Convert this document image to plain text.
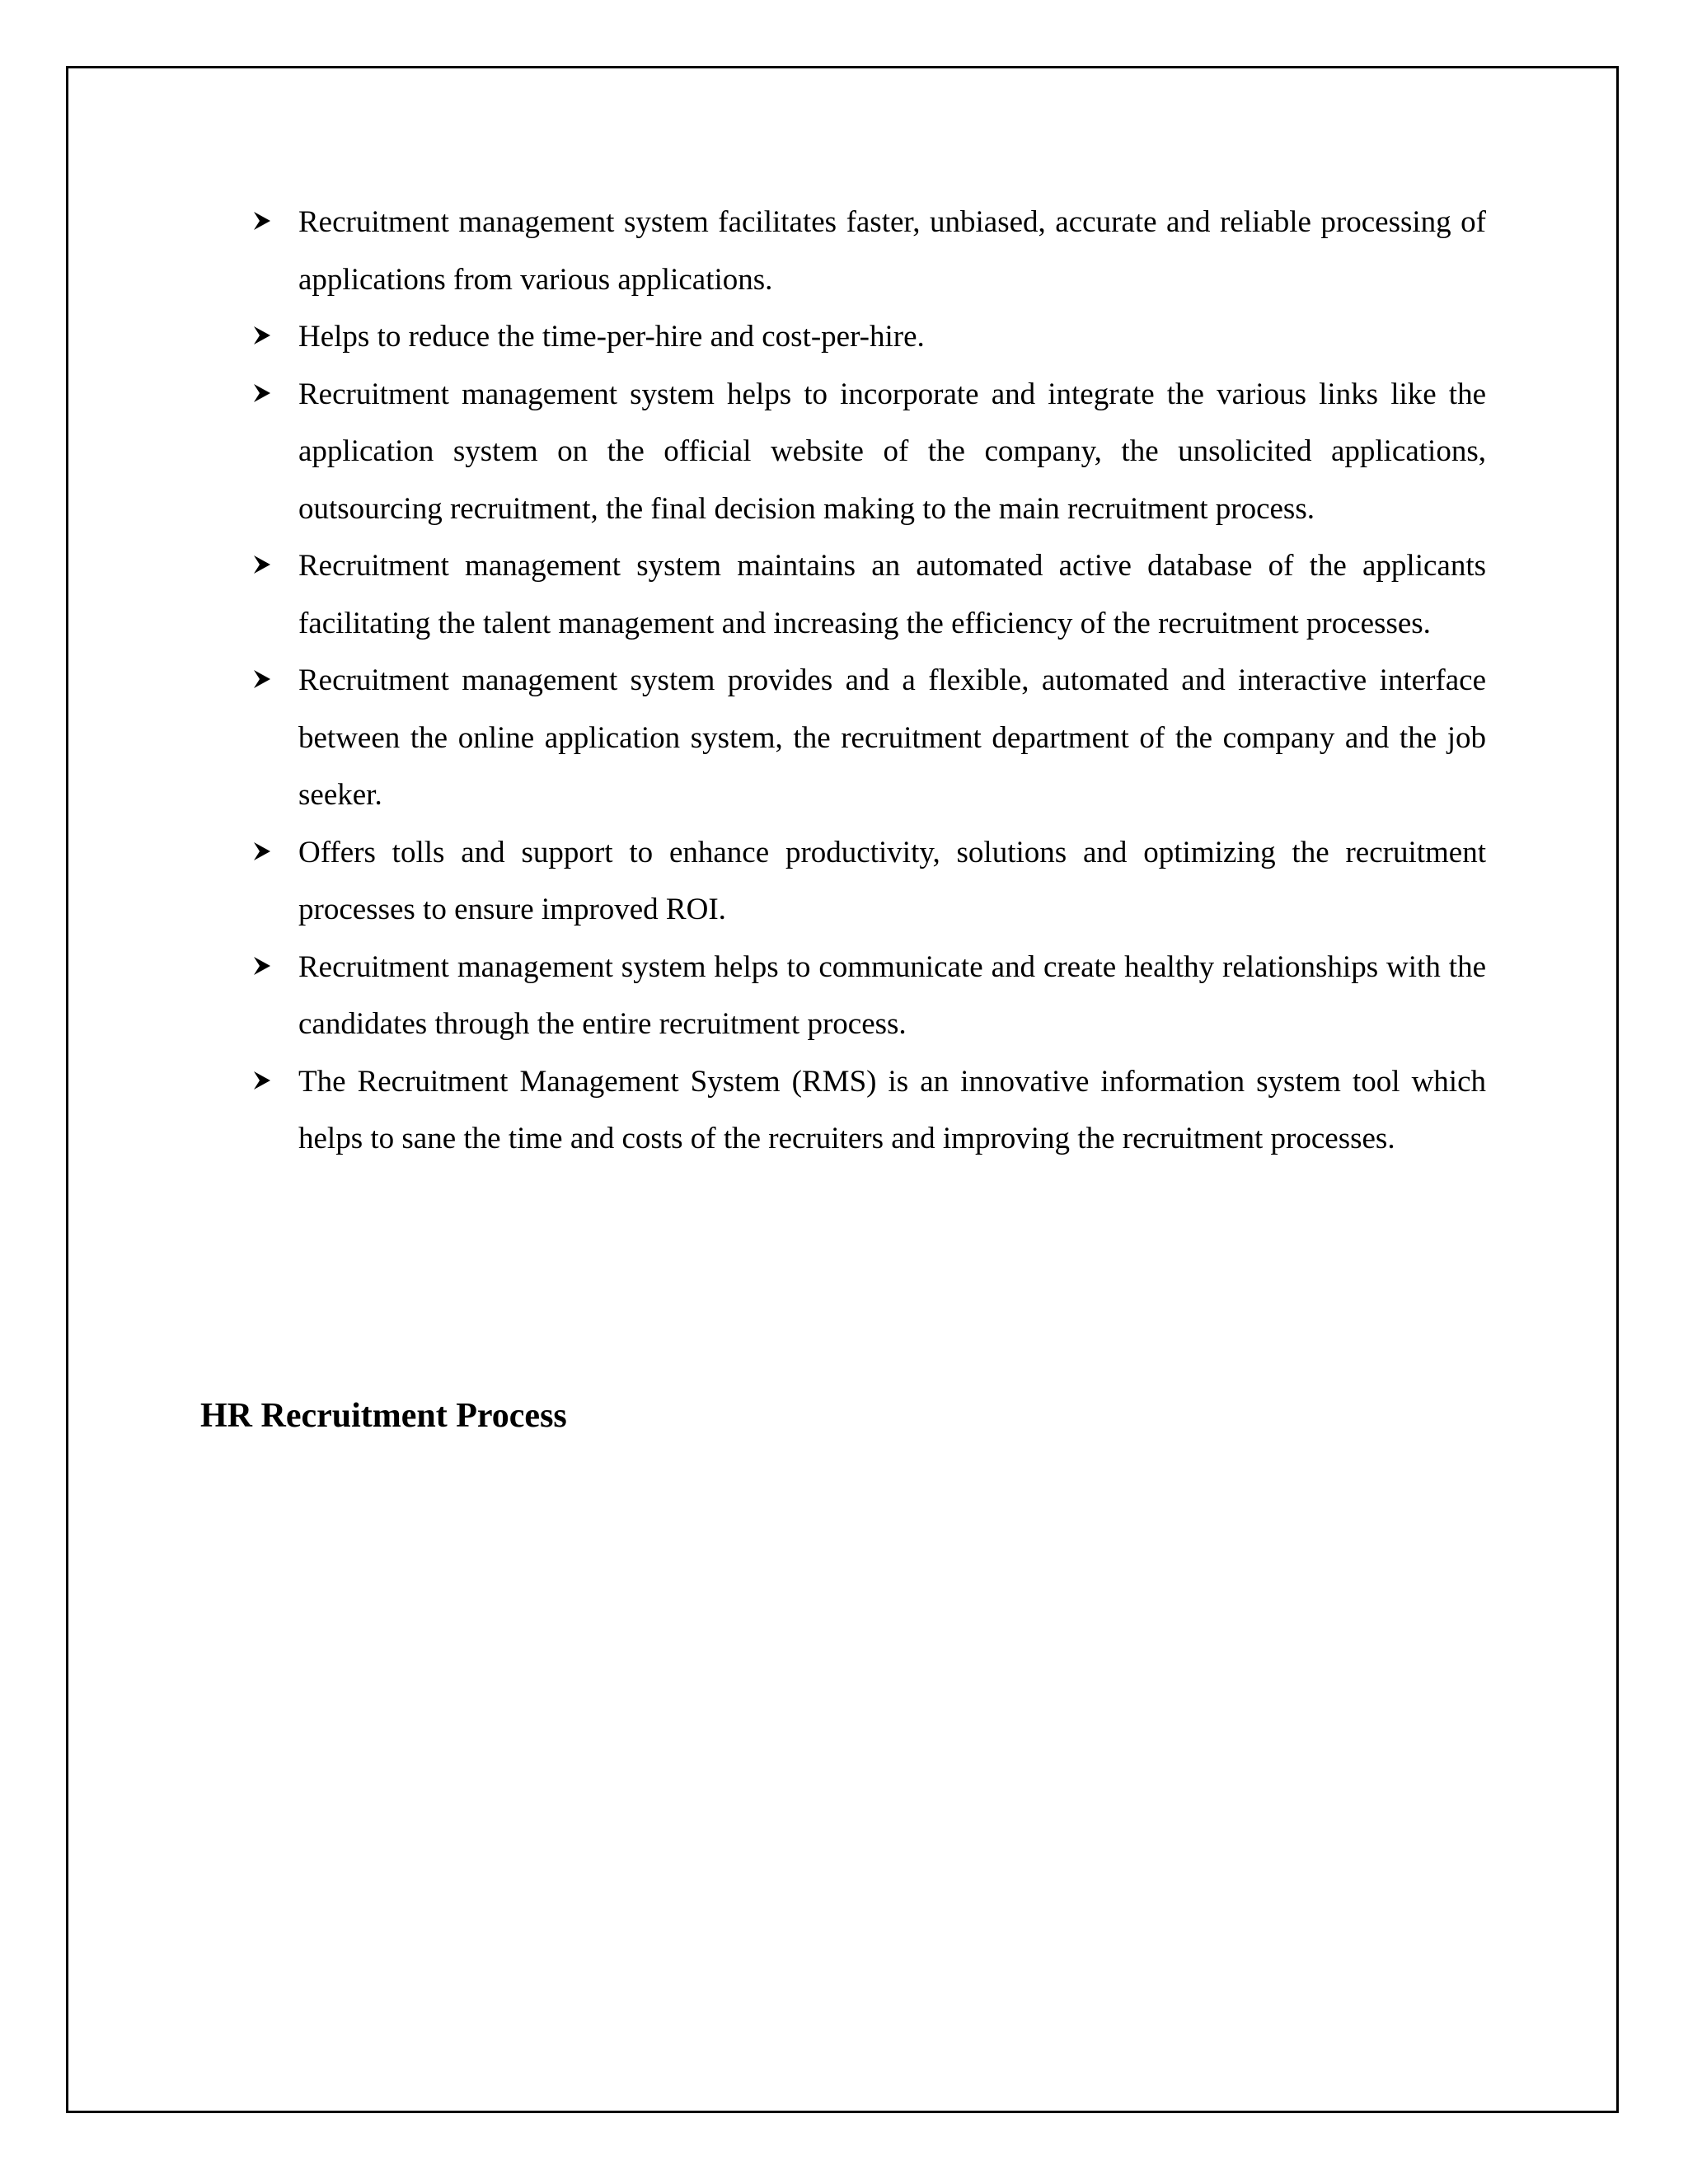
Recruitment management system facilitates faster, unbiased, accurate and reliable processing of applications from various applications.
Helps to reduce the time-per-hire and cost-per-hire.
Recruitment management system helps to incorporate and integrate the various links like the application system on the official website of the company, the unsolicited applications, outsourcing recruitment, the final decision making to the main recruitment process.
Recruitment management system maintains an automated active database of the applicants facilitating the talent management and increasing the efficiency of the recruitment processes.
Recruitment management system provides and a flexible, automated and interactive interface between the online application system, the recruitment department of the company and the job seeker.
Offers tolls and support to enhance productivity, solutions and optimizing the recruitment processes to ensure improved ROI.
Recruitment management system helps to communicate and create healthy relationships with the candidates through the entire recruitment process.
The Recruitment Management System (RMS) is an innovative information system tool which helps to sane the time and costs of the recruiters and improving the recruitment processes.
HR Recruitment Process
